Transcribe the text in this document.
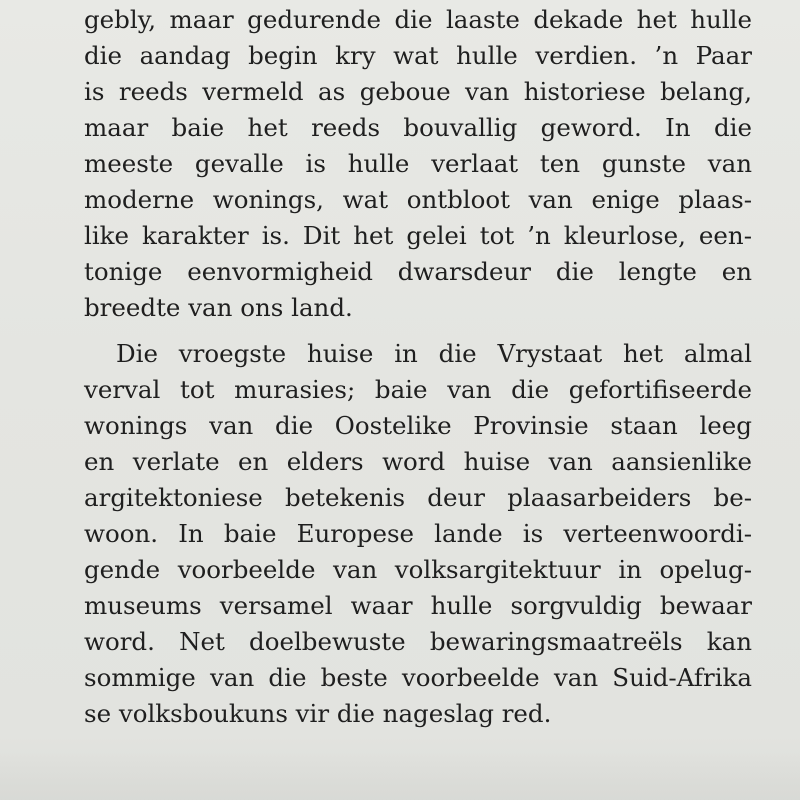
gebly, maar gedurende die laaste dekade het hulle

die aandag begin kry wat hulle verdien. ’n Paar

is reeds vermeld as geboue van historiese belang,

maar baie het reeds bouvallig geword. In die

meeste gevalle is hulle verlaat ten gunste van

moderne wonings, wat ontbloot van enige plaas-

like karakter is. Dit het gelei tot ’n kleurlose, een-

tonige eenvormigheid dwarsdeur die lengte en

breedte van ons land.

Die vroegste huise in die Vrystaat het almal

verval tot murasies; baie van die gefortifiseerde

wonings van die Oostelike Provinsie staan leeg

en verlate en elders word huise van aansienlike

argitektoniese betekenis deur plaasarbeiders be-

woon. In baie Europese lande is verteenwoordi-

gende voorbeelde van volksargitektuur in opelug-

museums versamel waar hulle sorgvuldig bewaar

word. Net doelbewuste bewaringsmaatreëls kan

sommige van die beste voorbeelde van Suid-Afrika

se volksboukuns vir die nageslag red.
